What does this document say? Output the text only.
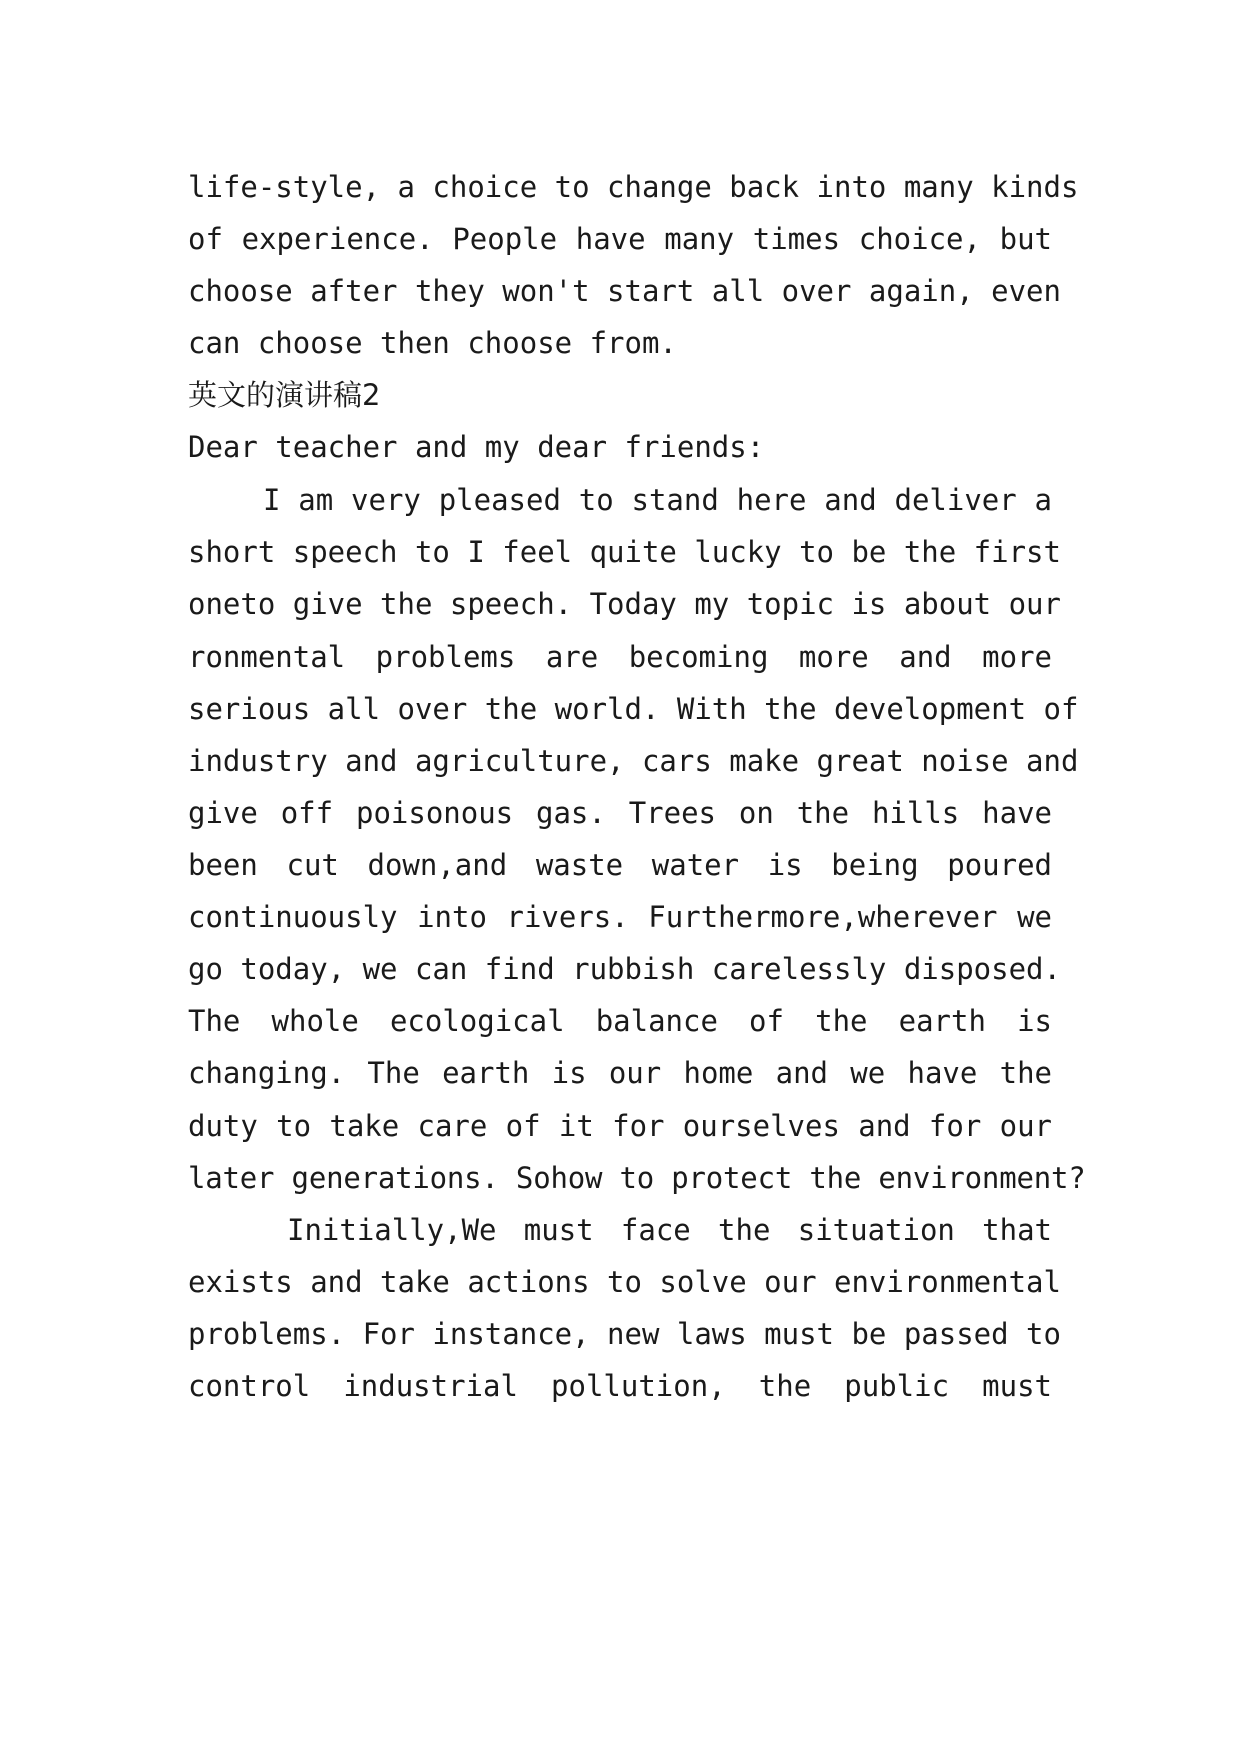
life-style, a choice to change back into many kinds

of experience. People have many times choice, but

choose after they won't start all over again, even

can choose then choose from.

英文的演讲稿2

Dear teacher and my dear friends:

I am very pleased to stand here and deliver a

short speech to I feel quite lucky to be the first

oneto give the speech. Today my topic is about our

ronmental problems are becoming more and more

serious all over the world. With the development of

industry and agriculture, cars make great noise and

give off poisonous gas. Trees on the hills have

been cut down,and waste water is being poured

continuously into rivers. Furthermore,wherever we

go today, we can find rubbish carelessly disposed.

The whole ecological balance of the earth is

changing. The earth is our home and we have the

duty to take care of it for ourselves and for our

later generations. Sohow to protect the environment?

Initially,We must face the situation that

exists and take actions to solve our environmental

problems. For instance, new laws must be passed to

control industrial pollution, the public must
